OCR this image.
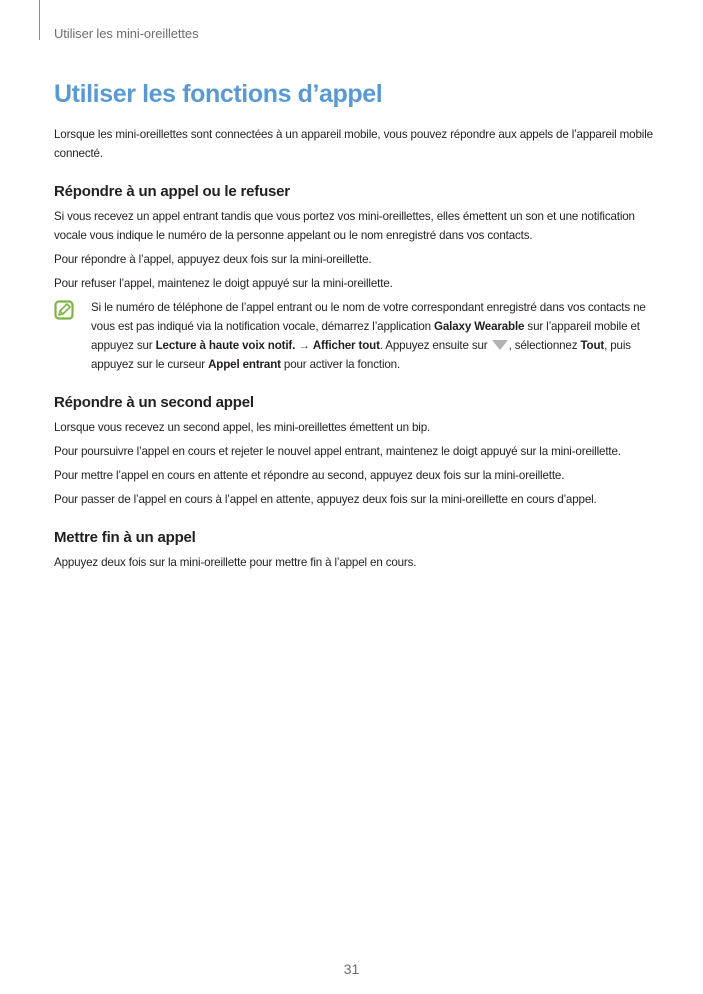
Utiliser les mini-oreillettes
Utiliser les fonctions d’appel

Lorsque les mini-oreillettes sont connectées à un appareil mobile, vous pouvez répondre aux appels de l’appareil mobile connecté.

Répondre à un appel ou le refuser

Si vous recevez un appel entrant tandis que vous portez vos mini-oreillettes, elles émettent un son et une notification vocale vous indique le numéro de la personne appelant ou le nom enregistré dans vos contacts.

Pour répondre à l’appel, appuyez deux fois sur la mini-oreillette.

Pour refuser l’appel, maintenez le doigt appuyé sur la mini-oreillette.

Si le numéro de téléphone de l’appel entrant ou le nom de votre correspondant enregistré dans vos contacts ne vous est pas indiqué via la notification vocale, démarrez l’application Galaxy Wearable sur l’appareil mobile et appuyez sur Lecture à haute voix notif. → Afficher tout. Appuyez ensuite sur , sélectionnez Tout, puis appuyez sur le curseur Appel entrant pour activer la fonction.

Répondre à un second appel

Lorsque vous recevez un second appel, les mini-oreillettes émettent un bip.

Pour poursuivre l’appel en cours et rejeter le nouvel appel entrant, maintenez le doigt appuyé sur la mini-oreillette.

Pour mettre l’appel en cours en attente et répondre au second, appuyez deux fois sur la mini-oreillette.

Pour passer de l’appel en cours à l’appel en attente, appuyez deux fois sur la mini-oreillette en cours d’appel.

Mettre fin à un appel

Appuyez deux fois sur la mini-oreillette pour mettre fin à l’appel en cours.

31
